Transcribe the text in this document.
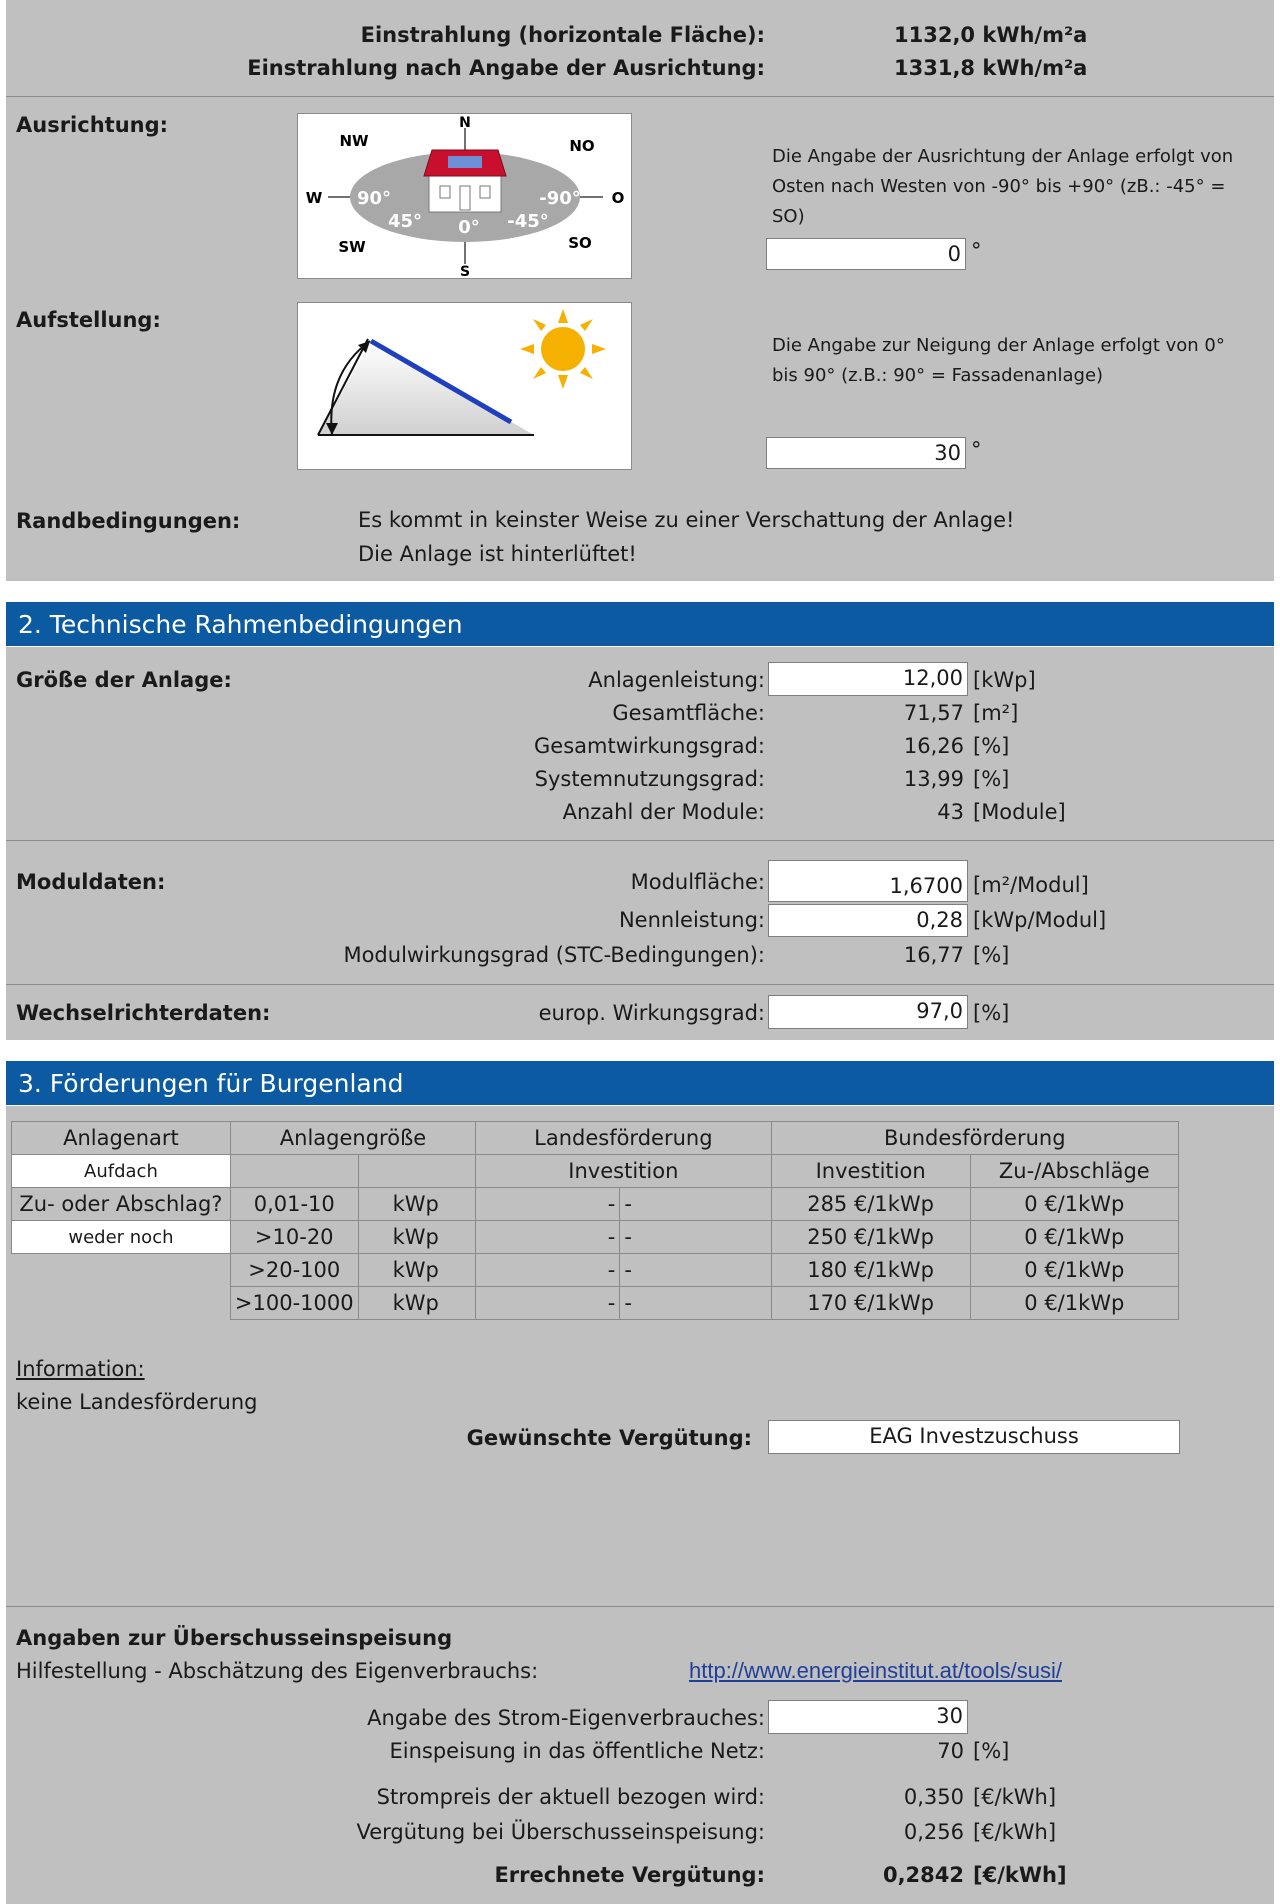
Einstrahlung (horizontale Fläche):	1132,0 kWh/m²a
Einstrahlung nach Angabe der Ausrichtung:	1331,8 kWh/m²a
Ausrichtung:	N
NW	NO
W	O
SW	SO
S
90°
45° 0° -45°
-90°
Die Angabe der Ausrichtung der Anlage erfolgt von Osten nach Westen von -90° bis +90° (zB.: -45° = SO)
0 °
Aufstellung:
Die Angabe zur Neigung der Anlage erfolgt von 0° bis 90° (z.B.: 90° = Fassadenanlage)
30 °
Randbedingungen:	Es kommt in keinster Weise zu einer Verschattung der Anlage!
Die Anlage ist hinterlüftet!
2. Technische Rahmenbedingungen
Größe der Anlage:	Anlagenleistung:	12,00 [kWp]
Gesamtfläche:	71,57 [m²]
Gesamtwirkungsgrad:	16,26 [%]
Systemnutzungsgrad:	13,99 [%]
Anzahl der Module:	43 [Module]
Moduldaten:	Modulfläche:	1,6700 [m²/Modul]
Nennleistung:	0,28 [kWp/Modul]
Modulwirkungsgrad (STC-Bedingungen):	16,77 [%]
Wechselrichterdaten:	europ. Wirkungsgrad:	97,0 [%]
3. Förderungen für Burgenland
Anlagenart	Anlagengröße		Landesförderung		Bundesförderung	
Aufdach			Investition		Investition	Zu-/Abschläge
Zu- oder Abschlag?	0,01-10	kWp	-	-	285 €/1kWp	0 €/1kWp
weder noch	>10-20	kWp	-	-	250 €/1kWp	0 €/1kWp
	>20-100	kWp	-	-	180 €/1kWp	0 €/1kWp
	>100-1000	kWp	-	-	170 €/1kWp	0 €/1kWp
Information:
keine Landesförderung
Gewünschte Vergütung:	EAG Investzuschuss
Angaben zur Überschusseinspeisung
Hilfestellung - Abschätzung des Eigenverbrauchs:	http://www.energieinstitut.at/tools/susi/
Angabe des Strom-Eigenverbrauches:	30
Einspeisung in das öffentliche Netz:	70 [%]
Strompreis der aktuell bezogen wird:	0,350 [€/kWh]
Vergütung bei Überschusseinspeisung:	0,256 [€/kWh]
Errechnete Vergütung:	0,2842 [€/kWh]
